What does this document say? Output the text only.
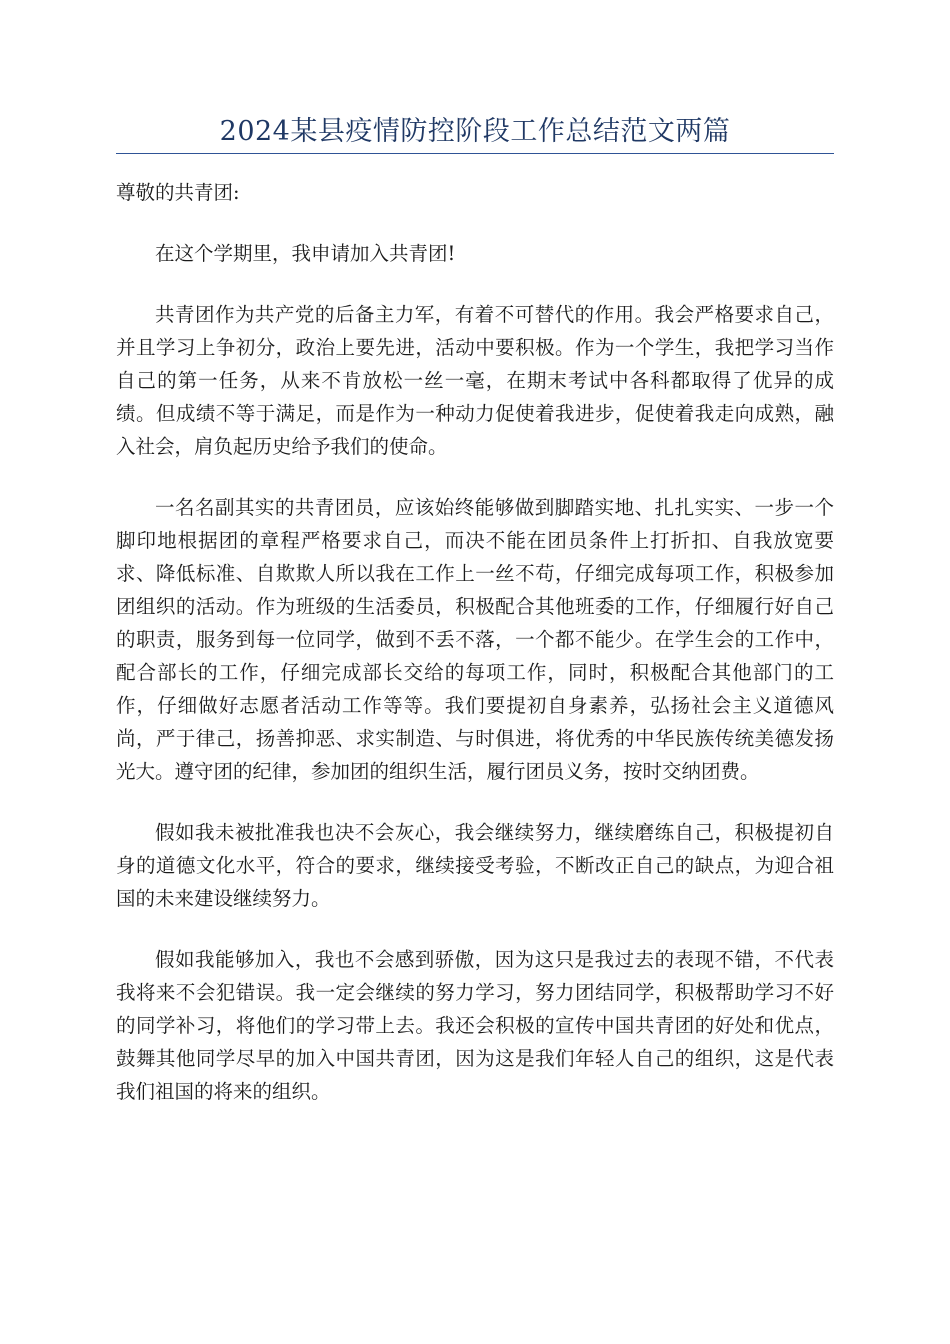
2024某县疫情防控阶段工作总结范文两篇

尊敬的共青团:

在这个学期里，我申请加入共青团!

共青团作为共产党的后备主力军，有着不可替代的作用。我会严格要求自己，并且学习上争初分，政治上要先进，活动中要积极。作为一个学生，我把学习当作自己的第一任务，从来不肯放松一丝一毫，在期末考试中各科都取得了优异的成绩。但成绩不等于满足，而是作为一种动力促使着我进步，促使着我走向成熟，融入社会，肩负起历史给予我们的使命。

一名名副其实的共青团员，应该始终能够做到脚踏实地、扎扎实实、一步一个脚印地根据团的章程严格要求自己，而决不能在团员条件上打折扣、自我放宽要求、降低标准、自欺欺人所以我在工作上一丝不苟，仔细完成每项工作，积极参加团组织的活动。作为班级的生活委员，积极配合其他班委的工作，仔细履行好自己的职责，服务到每一位同学，做到不丢不落，一个都不能少。在学生会的工作中，配合部长的工作，仔细完成部长交给的每项工作，同时，积极配合其他部门的工作，仔细做好志愿者活动工作等等。我们要提初自身素养，弘扬社会主义道德风尚，严于律己，扬善抑恶、求实制造、与时俱进，将优秀的中华民族传统美德发扬光大。遵守团的纪律，参加团的组织生活，履行团员义务，按时交纳团费。

假如我未被批准我也决不会灰心，我会继续努力，继续磨练自己，积极提初自身的道德文化水平，符合的要求，继续接受考验，不断改正自己的缺点，为迎合祖国的未来建设继续努力。

假如我能够加入，我也不会感到骄傲，因为这只是我过去的表现不错，不代表我将来不会犯错误。我一定会继续的努力学习，努力团结同学，积极帮助学习不好的同学补习，将他们的学习带上去。我还会积极的宣传中国共青团的好处和优点，鼓舞其他同学尽早的加入中国共青团，因为这是我们年轻人自己的组织，这是代表我们祖国的将来的组织。
